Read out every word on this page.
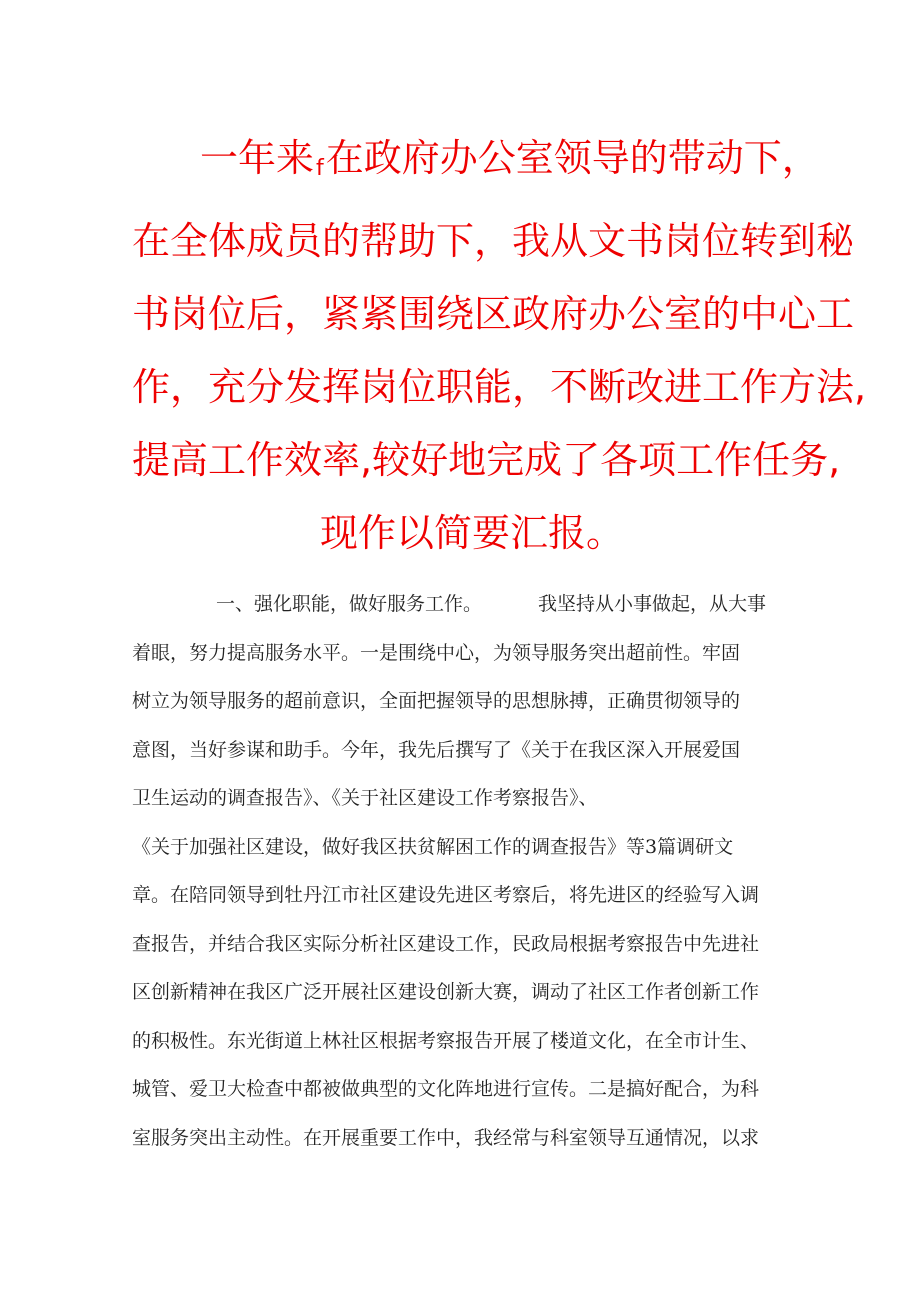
一年来f在政府办公室领导的带动下，
在全体成员的帮助下，我从文书岗位转到秘
书岗位后，紧紧围绕区政府办公室的中心工
作，充分发挥岗位职能，不断改进工作方法,
提高工作效率,较好地完成了各项工作任务,
现作以简要汇报。
一、强化职能，做好服务工作。	我坚持从小事做起，从大事
着眼，努力提高服务水平。一是围绕中心，为领导服务突出超前性。牢固
树立为领导服务的超前意识，全面把握领导的思想脉搏，正确贯彻领导的
意图，当好参谋和助手。今年，我先后撰写了《关于在我区深入开展爱国
卫生运动的调查报告》、《关于社区建设工作考察报告》、
《关于加强社区建设，做好我区扶贫解困工作的调查报告》等3篇调研文
章。在陪同领导到牡丹江市社区建设先进区考察后，将先进区的经验写入调
查报告，并结合我区实际分析社区建设工作，民政局根据考察报告中先进社
区创新精神在我区广泛开展社区建设创新大赛，调动了社区工作者创新工作
的积极性。东光街道上林社区根据考察报告开展了楼道文化，在全市计生、
城管、爱卫大检查中都被做典型的文化阵地进行宣传。二是搞好配合，为科
室服务突出主动性。在开展重要工作中，我经常与科室领导互通情况，以求
